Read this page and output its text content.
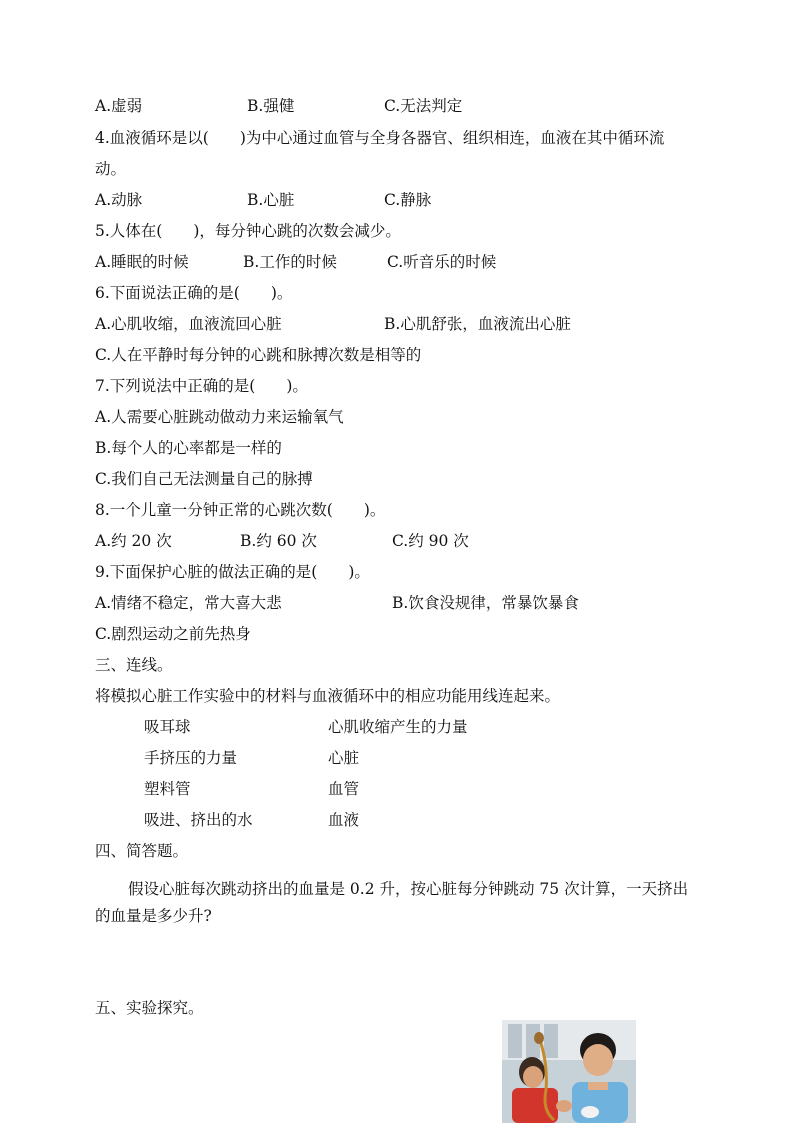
A.虚弱	B.强健	C.无法判定
4.血液循环是以(　　)为中心通过血管与全身各器官、组织相连，血液在其中循环流
动。
A.动脉	B.心脏	C.静脉
5.人体在(　　)，每分钟心跳的次数会减少。
A.睡眠的时候	B.工作的时候	C.听音乐的时候
6.下面说法正确的是(　　)。
A.心肌收缩，血液流回心脏	B.心肌舒张，血液流出心脏
C.人在平静时每分钟的心跳和脉搏次数是相等的
7.下列说法中正确的是(　　)。
A.人需要心脏跳动做动力来运输氧气
B.每个人的心率都是一样的
C.我们自己无法测量自己的脉搏
8.一个儿童一分钟正常的心跳次数(　　)。
A.约 20 次	B.约 60 次	C.约 90 次
9.下面保护心脏的做法正确的是(　　)。
A.情绪不稳定，常大喜大悲	B.饮食没规律，常暴饮暴食
C.剧烈运动之前先热身
三、连线。
将模拟心脏工作实验中的材料与血液循环中的相应功能用线连起来。
吸耳球	心肌收缩产生的力量
手挤压的力量	心脏
塑料管	血管
吸进、挤出的水	血液
四、简答题。
假设心脏每次跳动挤出的血量是 0.2 升，按心脏每分钟跳动 75 次计算，一天挤出
的血量是多少升?
五、实验探究。
